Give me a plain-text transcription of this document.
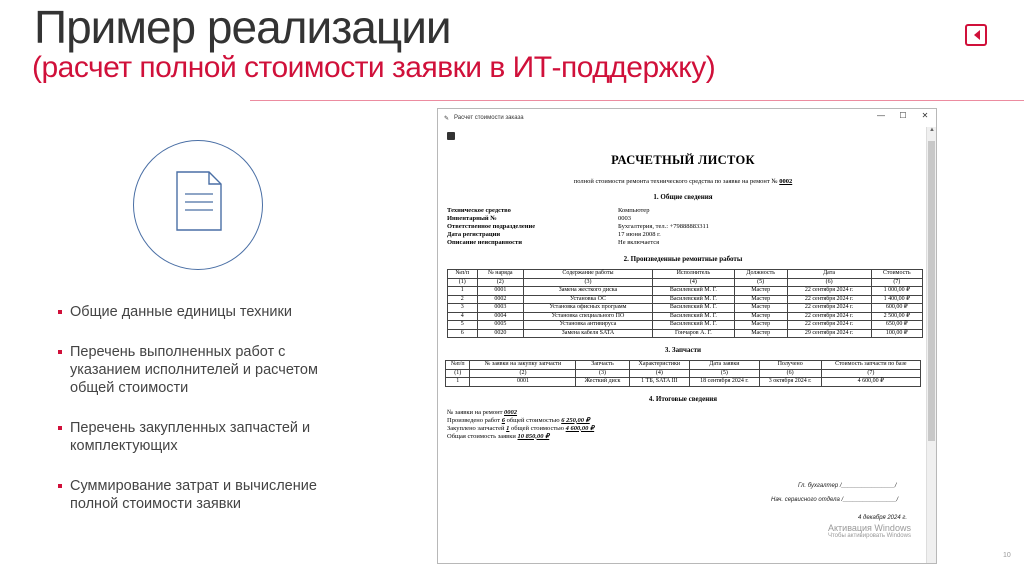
Пример реализации
(расчет полной стоимости заявки в ИТ-поддержку)
Общие данные единицы техники
Перечень выполненных работ с указанием исполнителей и расчетом общей стоимости
Перечень закупленных запчастей и комплектующих
Суммирование затрат и вычисление полной стоимости заявки
✎ Расчет стоимости заказа	—	☐	✕
▲
РАСЧЕТНЫЙ ЛИСТОК
полной стоимости ремонта технического средства по заявке на ремонт № 0002
1. Общие сведения
Техническое средство	Компьютер
Инвентарный №	0003
Ответственное подразделение	Бухгалтерия, тел.: +79888883311
Дата регистрации	17 июня 2008 г.
Описание неисправности	Не включается
2. Произведенные ремонтные работы
№п/п	№ наряда	Содержание работы	Исполнитель	Должность	Дата	Стоимость
(1)	(2)	(3)	(4)	(5)	(6)	(7)
1	0001	Замена жесткого диска	Василевский М. Г.	Мастер	22 сентября 2024 г.	1 000,00 ₽
2	0002	Установка ОС	Василевский М. Г.	Мастер	22 сентября 2024 г.	1 400,00 ₽
3	0003	Установка офисных программ	Василевский М. Г.	Мастер	22 сентября 2024 г.	600,00 ₽
4	0004	Установка специального ПО	Василевский М. Г.	Мастер	22 сентября 2024 г.	2 500,00 ₽
5	0005	Установка антивируса	Василевский М. Г.	Мастер	22 сентября 2024 г.	650,00 ₽
6	0020	Замена кабеля SATA	Гончаров А. Г.	Мастер	29 сентября 2024 г.	100,00 ₽
3. Запчасти
№п/п	№ заявки на закупку запчасти	Запчасть	Характеристики	Дата заявки	Получено	Стоимость запчасти по базе
(1)	(2)	(3)	(4)	(5)	(6)	(7)
1	0001	Жесткий диск	1 ТБ, SATA III	18 сентября 2024 г.	3 октября 2024 г.	4 600,00 ₽
4. Итоговые сведения
№ заявки на ремонт 0002
Произведено работ 6 общей стоимостью 6 250,00 ₽
Закуплено запчастей 1 общей стоимостью 4 600,00 ₽
Общая стоимость заявки 10 850,00 ₽
Гл. бухгалтер /________________/
Нач. сервисного отдела /________________/
4 декабря 2024 г.
Активация Windows
Чтобы активировать Windows
10
